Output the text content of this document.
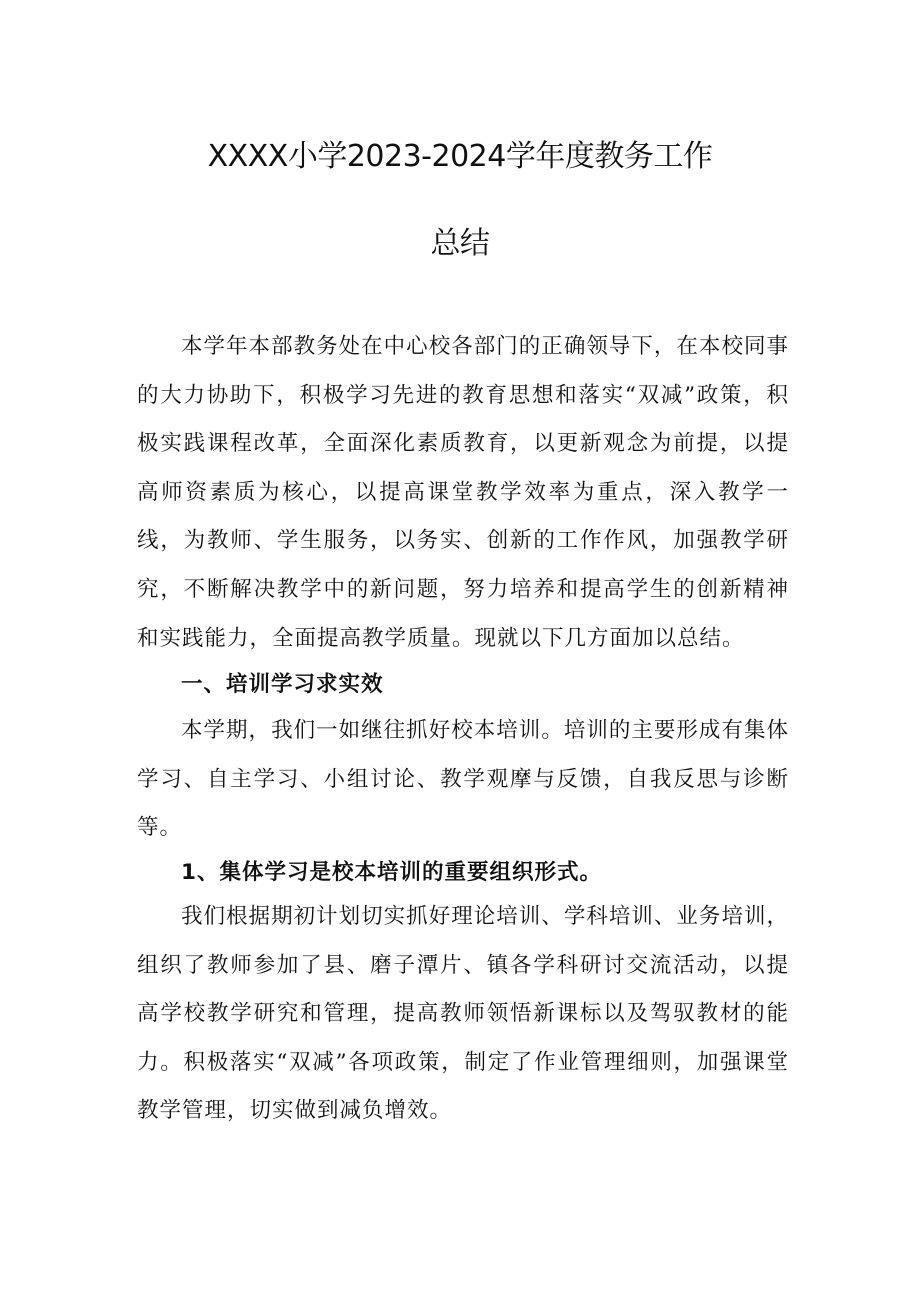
XXXX小学2023-2024学年度教务工作
总结

本学年本部教务处在中心校各部门的正确领导下，在本校同事的大力协助下，积极学习先进的教育思想和落实“双减”政策，积极实践课程改革，全面深化素质教育，以更新观念为前提，以提高师资素质为核心，以提高课堂教学效率为重点，深入教学一线，为教师、学生服务，以务实、创新的工作作风，加强教学研究，不断解决教学中的新问题，努力培养和提高学生的创新精神和实践能力，全面提高教学质量。现就以下几方面加以总结。

一、培训学习求实效

本学期，我们一如继往抓好校本培训。培训的主要形成有集体学习、自主学习、小组讨论、教学观摩与反馈，自我反思与诊断等。

1、集体学习是校本培训的重要组织形式。

我们根据期初计划切实抓好理论培训、学科培训、业务培训，组织了教师参加了县、磨子潭片、镇各学科研讨交流活动，以提高学校教学研究和管理，提高教师领悟新课标以及驾驭教材的能力。积极落实“双减”各项政策，制定了作业管理细则，加强课堂教学管理，切实做到减负增效。
